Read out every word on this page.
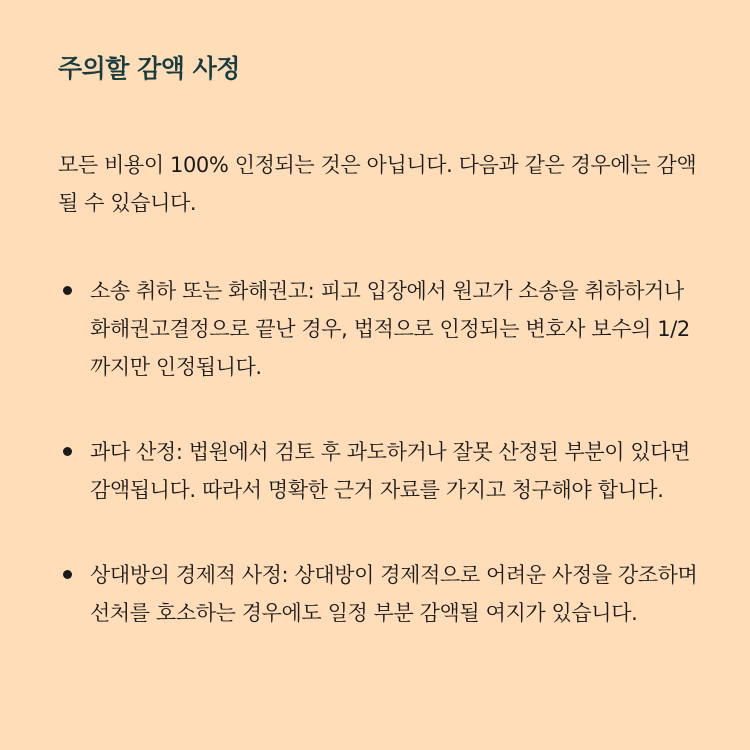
주의할 감액 사정

모든 비용이 100% 인정되는 것은 아닙니다. 다음과 같은 경우에는 감액될 수 있습니다.

소송 취하 또는 화해권고: 피고 입장에서 원고가 소송을 취하하거나 화해권고결정으로 끝난 경우, 법적으로 인정되는 변호사 보수의 1/2까지만 인정됩니다.
과다 산정: 법원에서 검토 후 과도하거나 잘못 산정된 부분이 있다면 감액됩니다. 따라서 명확한 근거 자료를 가지고 청구해야 합니다.
상대방의 경제적 사정: 상대방이 경제적으로 어려운 사정을 강조하며 선처를 호소하는 경우에도 일정 부분 감액될 여지가 있습니다.
